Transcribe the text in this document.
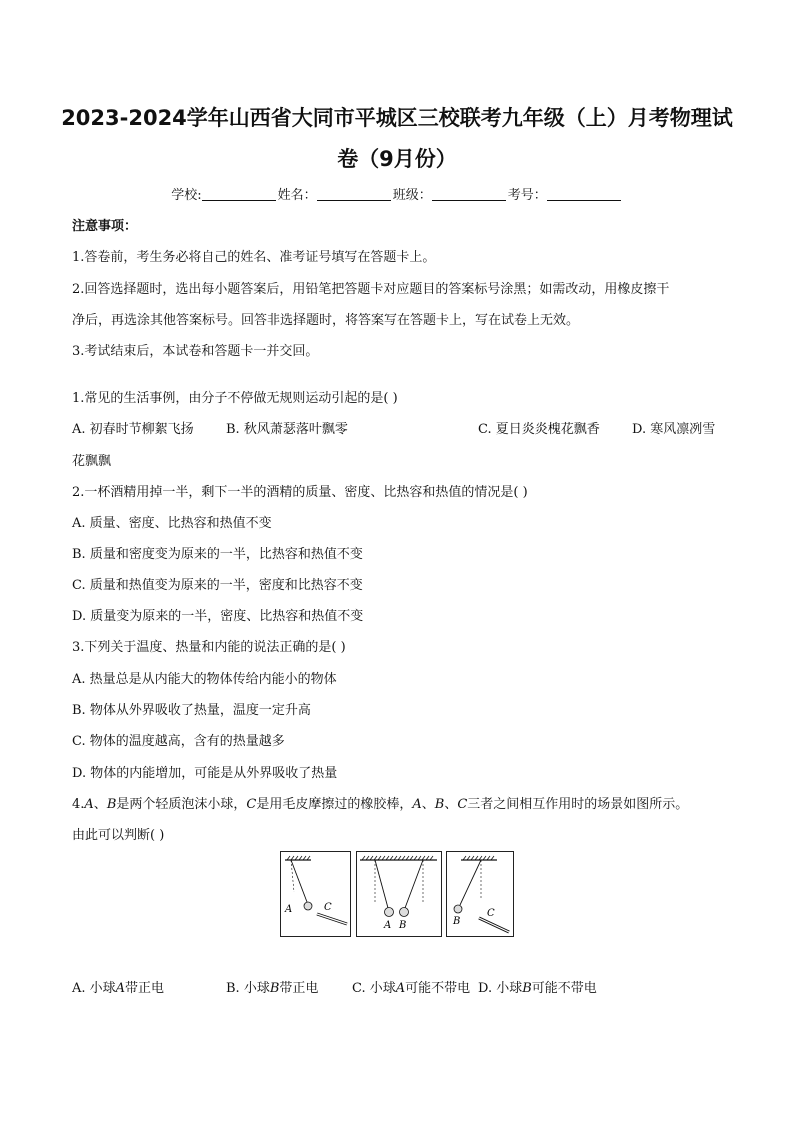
2023-2024学年山西省大同市平城区三校联考九年级（上）月考物理试
卷（9月份）
学校:	姓名：	班级：	考号：
注意事项：
1.答卷前，考生务必将自己的姓名、准考证号填写在答题卡上。
2.回答选择题时，选出每小题答案后，用铅笔把答题卡对应题目的答案标号涂黑；如需改动，用橡皮擦干
净后，再选涂其他答案标号。回答非选择题时，将答案写在答题卡上，写在试卷上无效。
3.考试结束后，本试卷和答题卡一并交回。
1.常见的生活事例，由分子不停做无规则运动引起的是( )
A. 初春时节柳絮飞扬 B. 秋风萧瑟落叶飘零	C. 夏日炎炎槐花飘香 D. 寒风凛冽雪
花飘飘
2.一杯酒精用掉一半，剩下一半的酒精的质量、密度、比热容和热值的情况是( )
A. 质量、密度、比热容和热值不变
B. 质量和密度变为原来的一半，比热容和热值不变
C. 质量和热值变为原来的一半，密度和比热容不变
D. 质量变为原来的一半，密度、比热容和热值不变
3.下列关于温度、热量和内能的说法正确的是( )
A. 热量总是从内能大的物体传给内能小的物体
B. 物体从外界吸收了热量，温度一定升高
C. 物体的温度越高，含有的热量越多
D. 物体的内能增加，可能是从外界吸收了热量
4.A、B是两个轻质泡沫小球，C是用毛皮摩擦过的橡胶棒，A、B、C三者之间相互作用时的场景如图所示。
由此可以判断( )
A	C
A B	B
C
A. 小球A带正电	B. 小球B带正电	C. 小球A可能不带电 D. 小球B可能不带电
